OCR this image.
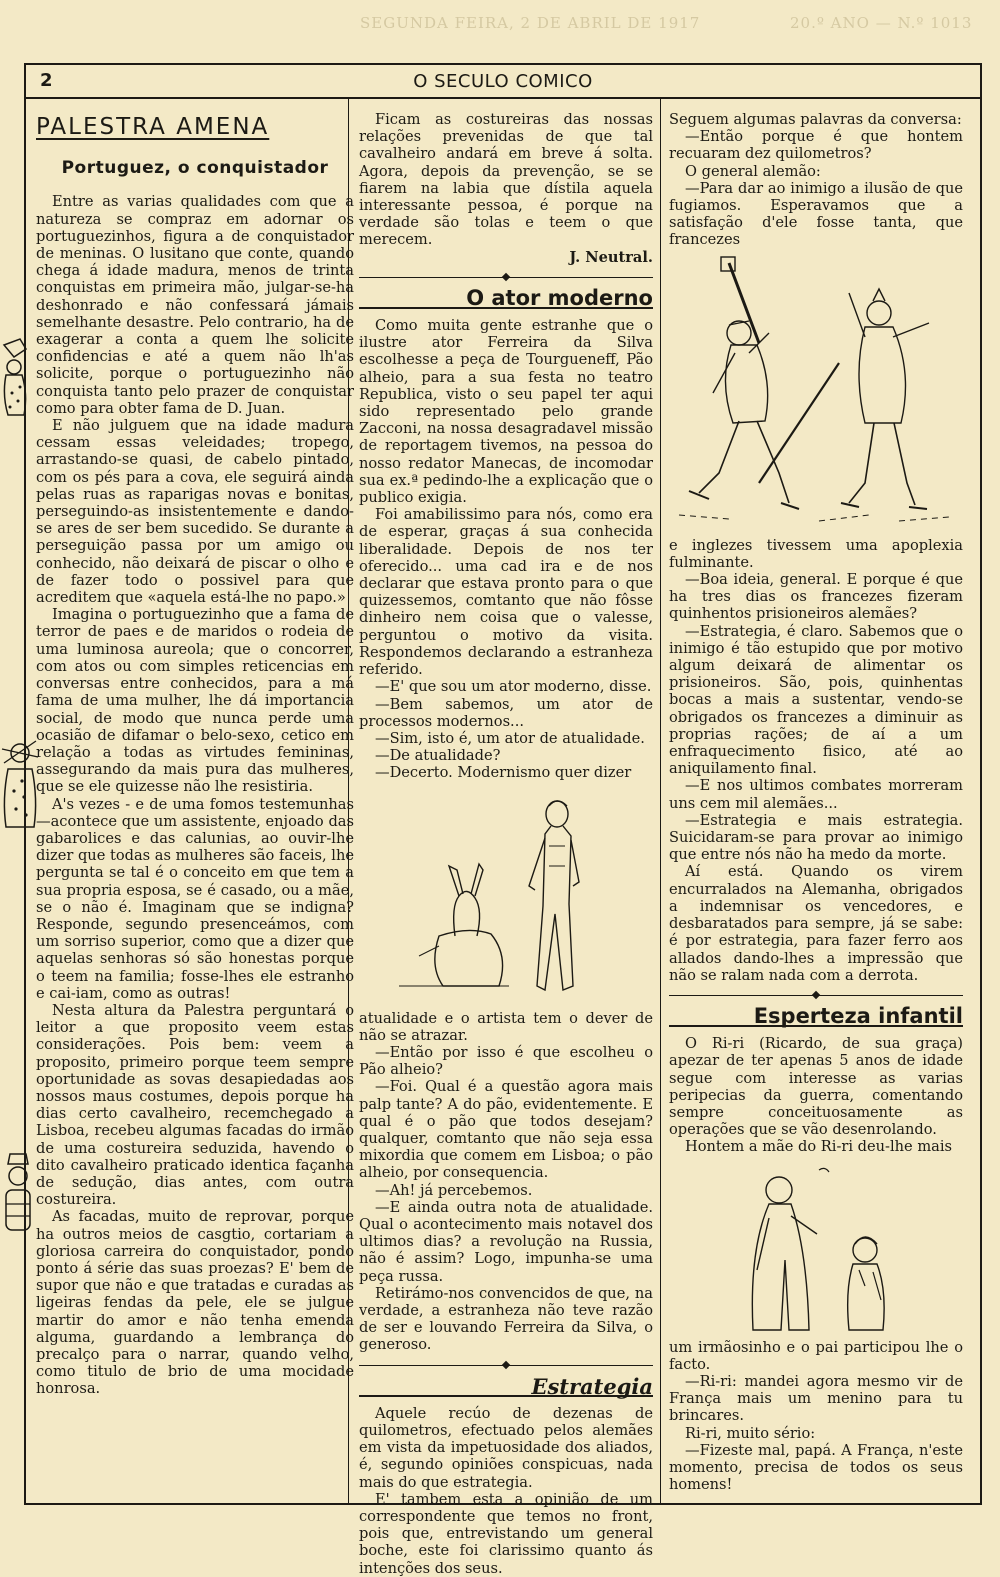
SEGUNDA FEIRA, 2 DE ABRIL DE 1917	20.º ANO — N.º 1013
2	O SECULO COMICO
PALESTRA AMENA
Portuguez, o conquistador

Entre as varias qualidades com que a natureza se compraz em adornar os portuguezinhos, figura a de conquistador de meninas. O lusitano que conte, quando chega á idade madura, menos de trinta conquistas em primeira mão, julgar-se-ha deshonrado e não confessará jámais semelhante desastre. Pelo contrario, ha de exagerar a conta a quem lhe solicite confidencias e até a quem não lh'as solicite, porque o portuguezinho não conquista tanto pelo prazer de conquistar como para obter fama de D. Juan.

E não julguem que na idade madura cessam essas veleidades; tropego, arrastando-se quasi, de cabelo pintado, com os pés para a cova, ele seguirá ainda pelas ruas as raparigas novas e bonitas, perseguindo-as insistentemente e dando-se ares de ser bem sucedido. Se durante a perseguição passa por um amigo ou conhecido, não deixará de piscar o olho e de fazer todo o possivel para que acreditem que «aquela está-lhe no papo.»

Imagina o portuguezinho que a fama de terror de paes e de maridos o rodeia de uma luminosa aureola; que o concorrer, com atos ou com simples reticencias em conversas entre conhecidos, para a má fama de uma mulher, lhe dá importancia social, de modo que nunca perde uma ocasião de difamar o belo-sexo, cetico em relação a todas as virtudes femininas, assegurando da mais pura das mulheres, que se ele quizesse não lhe resistiria.

A's vezes - e de uma fomos testemunhas—acontece que um assistente, enjoado das gabarolices e das calunias, ao ouvir-lhe dizer que todas as mulheres são faceis, lhe pergunta se tal é o conceito em que tem a sua propria esposa, se é casado, ou a mãe, se o não é. Imaginam que se indigna? Responde, segundo presenceámos, com um sorriso superior, como que a dizer que aquelas senhoras só são honestas porque o teem na familia; fosse-lhes ele estranho e cai-iam, como as outras!

Nesta altura da Palestra perguntará o leitor a que proposito veem estas considerações. Pois bem: veem a proposito, primeiro porque teem sempre oportunidade as sovas desapiedadas aos nossos maus costumes, depois porque ha dias certo cavalheiro, recemchegado a Lisboa, recebeu algumas facadas do irmão de uma costureira seduzida, havendo o dito cavalheiro praticado identica façanha de sedução, dias antes, com outra costureira.

As facadas, muito de reprovar, porque ha outros meios de casgtio, cortariam a gloriosa carreira do conquistador, pondo ponto á série das suas proezas? E' bem de supor que não e que tratadas e curadas as ligeiras fendas da pele, ele se julgue martir do amor e não tenha emenda alguma, guardando a lembrança do precalço para o narrar, quando velho, como titulo de brio de uma mocidade honrosa.

Ficam as costureiras das nossas relações prevenidas de que tal cavalheiro andará em breve á solta. Agora, depois da prevenção, se se fiarem na labia que dístila aquela interessante pessoa, é porque na verdade são tolas e teem o que merecem.

J. Neutral.

O ator moderno

Como muita gente estranhe que o ilustre ator Ferreira da Silva escolhesse a peça de Tourgueneff, Pão alheio, para a sua festa no teatro Republica, visto o seu papel ter aqui sido representado pelo grande Zacconi, na nossa desagradavel missão de reportagem tivemos, na pessoa do nosso redator Manecas, de incomodar sua ex.ª pedindo-lhe a explicação que o publico exigia.

Foi amabilissimo para nós, como era de esperar, graças á sua conhecida liberalidade. Depois de nos ter oferecido... uma cad ira e de nos declarar que estava pronto para o que quizessemos, comtanto que não fôsse dinheiro nem coisa que o valesse, perguntou o motivo da visita. Respondemos declarando a estranheza referido.

—E' que sou um ator moderno, disse.

—Bem sabemos, um ator de processos modernos...

—Sim, isto é, um ator de atualidade.

—De atualidade?

—Decerto. Modernismo quer dizer

atualidade e o artista tem o dever de não se atrazar.

—Então por isso é que escolheu o Pão alheio?

—Foi. Qual é a questão agora mais palp tante? A do pão, evidentemente. E qual é o pão que todos desejam? qualquer, comtanto que não seja essa mixordia que comem em Lisboa; o pão alheio, por consequencia.

—Ah! já percebemos.

—E ainda outra nota de atualidade. Qual o acontecimento mais notavel dos ultimos dias? a revolução na Russia, não é assim? Logo, impunha-se uma peça russa.

Retirámo-nos convencidos de que, na verdade, a estranheza não teve razão de ser e louvando Ferreira da Silva, o generoso.

Estrategia

Aquele recúo de dezenas de quilometros, efectuado pelos alemães em vista da impetuosidade dos aliados, é, segundo opiniões conspicuas, nada mais do que estrategia.

E' tambem esta a opinião de um correspondente que temos no front, pois que, entrevistando um general boche, este foi clarissimo quanto ás intenções dos seus.

Seguem algumas palavras da conversa:

—Então porque é que hontem recuaram dez quilometros?

O general alemão:

—Para dar ao inimigo a ilusão de que fugiamos. Esperavamos que a satisfação d'ele fosse tanta, que francezes

e inglezes tivessem uma apoplexia fulminante.

—Boa ideia, general. E porque é que ha tres dias os francezes fizeram quinhentos prisioneiros alemães?

—Estrategia, é claro. Sabemos que o inimigo é tão estupido que por motivo algum deixará de alimentar os prisioneiros. São, pois, quinhentas bocas a mais a sustentar, vendo-se obrigados os francezes a diminuir as proprias rações; de aí a um enfraquecimento fisico, até ao aniquilamento final.

—E nos ultimos combates morreram uns cem mil alemães...

—Estrategia e mais estrategia. Suicidaram-se para provar ao inimigo que entre nós não ha medo da morte.

Aí está. Quando os virem encurralados na Alemanha, obrigados a indemnisar os vencedores, e desbaratados para sempre, já se sabe: é por estrategia, para fazer ferro aos allados dando-lhes a impressão que não se ralam nada com a derrota.

Esperteza infantil

O Ri-ri (Ricardo, de sua graça) apezar de ter apenas 5 anos de idade segue com interesse as varias peripecias da guerra, comentando sempre conceituosamente as operações que se vão desenrolando.

Hontem a mãe do Ri-ri deu-lhe mais

um irmãosinho e o pai participou lhe o facto.

—Ri-ri: mandei agora mesmo vir de França mais um menino para tu brincares.

Ri-ri, muito sério:

—Fizeste mal, papá. A França, n'este momento, precisa de todos os seus homens!
